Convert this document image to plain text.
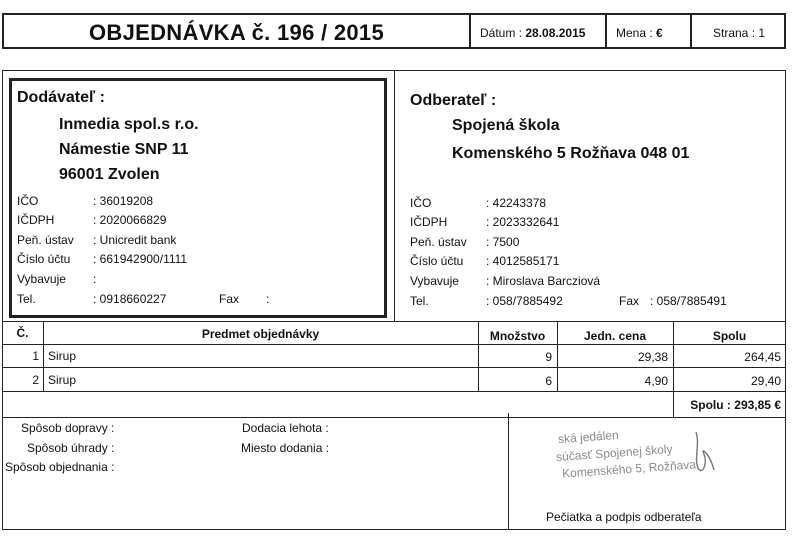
OBJEDNÁVKA č. 196 / 2015	Dátum : 28.08.2015	Mena : €	Strana : 1
Dodávateľ :
Inmedia spol.s r.o.
Námestie SNP 11
96001 Zvolen
IČO	: 36019208
IČDPH	: 2020066829
Peň. ústav : Unicredit bank
Číslo účtu : 661942900/1111
Vybavuje :
Tel.	: 0918660227	Fax :
Odberateľ :
Spojená škola
Komenského 5 Rožňava 048 01
IČO	: 42243378
IČDPH	: 2023332641
Peň. ústav : 7500
Číslo účtu : 4012585171
Vybavuje : Miroslava Barcziová
Tel.	: 058/7885492	Fax : 058/7885491
Č.	Predmet objednávky	Množstvo	Jedn. cena	Spolu
1 Sirup	9	29,38	264,45
2 Sirup	6	4,90	29,40
Spolu : 293,85 €
Spôsob dopravy :
Spôsob úhrady :
Spôsob objednania :
Dodacia lehota :
Miesto dodania :
ská jedálen
súčasť Spojenej školy
Komenského 5, Rožňava
Pečiatka a podpis odberateľa
